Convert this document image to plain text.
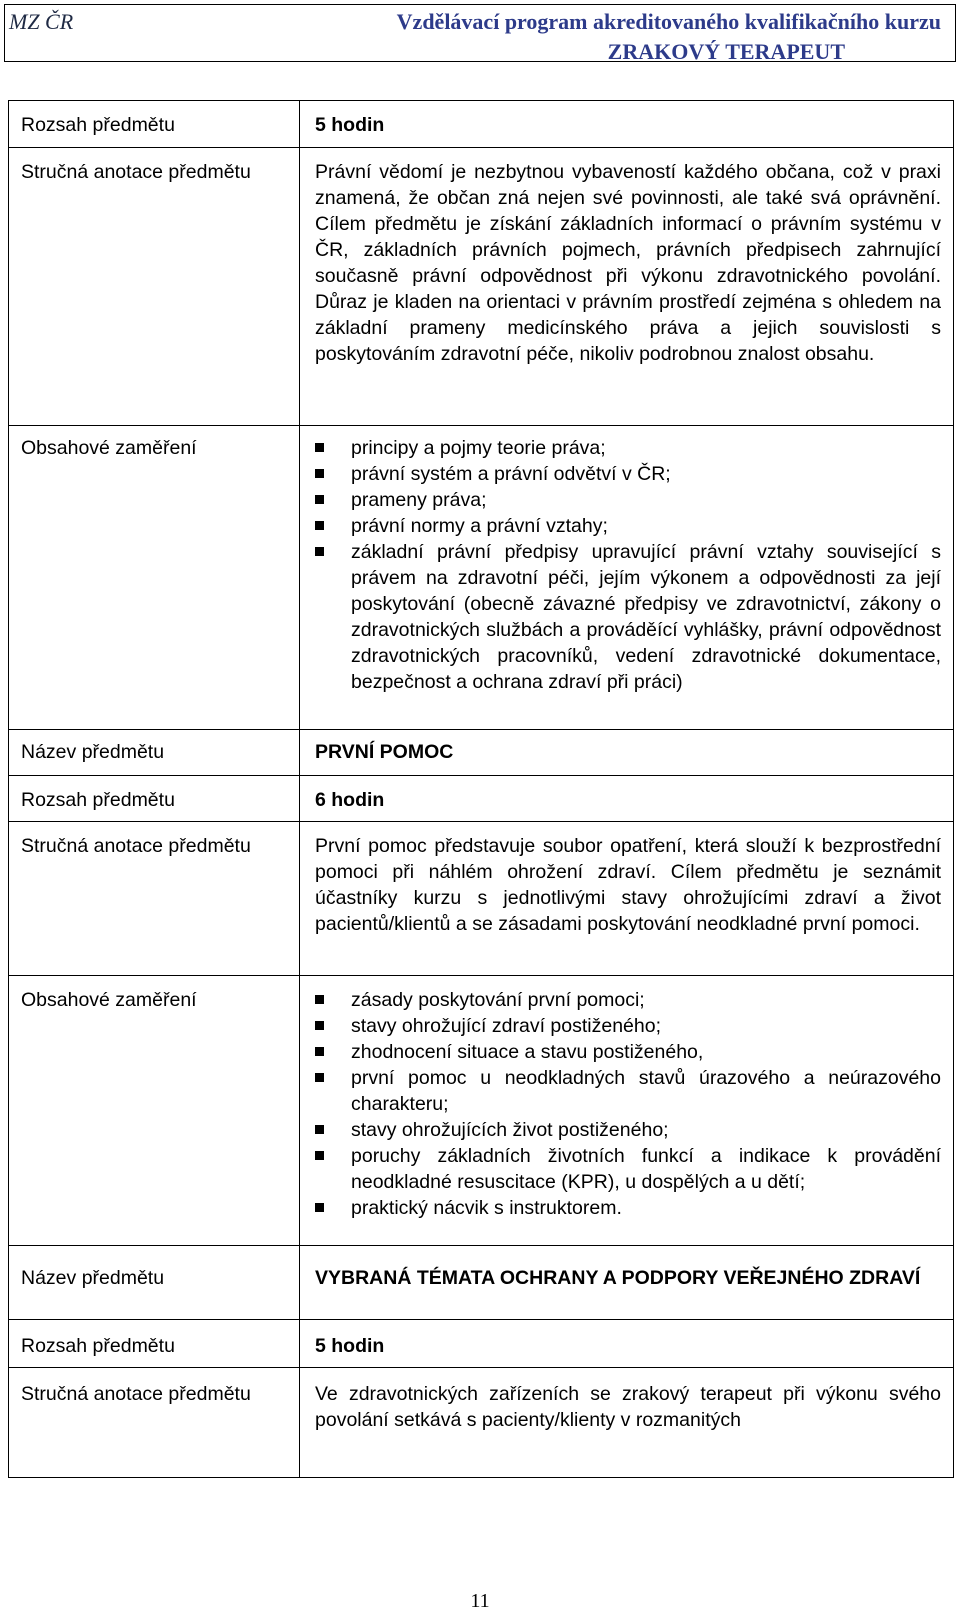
MZ ČR	Vzdělávací program akreditovaného kvalifikačního kurzu
ZRAKOVÝ TERAPEUT
Rozsah předmětu	5 hodin
Stručná anotace předmětu	Právní vědomí je nezbytnou vybaveností každého občana, což v praxi znamená, že občan zná nejen své povinnosti, ale také svá oprávnění. Cílem předmětu je získání základních informací o právním systému v ČR, základních právních pojmech, právních předpisech zahrnující současně právní odpovědnost při výkonu zdravotnického povolání. Důraz je kladen na orientaci v právním prostředí zejména s ohledem na základní prameny medicínského práva a jejich souvislosti s poskytováním zdravotní péče, nikoliv podrobnou znalost obsahu.
Obsahové zaměření	principy a pojmy teorie práva;
právní systém a právní odvětví v ČR;
prameny práva;
právní normy a právní vztahy;
základní právní předpisy upravující právní vztahy související s právem na zdravotní péči, jejím výkonem a odpovědnosti za její poskytování (obecně závazné předpisy ve zdravotnictví, zákony o zdravotnických službách a prováděící vyhlášky, právní odpovědnost zdravotnických pracovníků, vedení zdravotnické dokumentace, bezpečnost a ochrana zdraví při práci)
Název předmětu	PRVNÍ POMOC
Rozsah předmětu	6 hodin
Stručná anotace předmětu	První pomoc představuje soubor opatření, která slouží k bezprostřední pomoci při náhlém ohrožení zdraví. Cílem předmětu je seznámit účastníky kurzu s jednotlivými stavy ohrožujícími zdraví a život pacientů/klientů a se zásadami poskytování neodkladné první pomoci.
Obsahové zaměření	zásady poskytování první pomoci;
stavy ohrožující zdraví postiženého;
zhodnocení situace a stavu postiženého,
první pomoc u neodkladných stavů úrazového a neúrazového charakteru;
stavy ohrožujících život postiženého;
poruchy základních životních funkcí a indikace k provádění neodkladné resuscitace (KPR), u dospělých a u dětí;
praktický nácvik s instruktorem.
Název předmětu	VYBRANÁ TÉMATA OCHRANY A PODPORY VEŘEJNÉHO ZDRAVÍ
Rozsah předmětu	5 hodin
Stručná anotace předmětu	Ve zdravotnických zařízeních se zrakový terapeut při výkonu svého povolání setkává s pacienty/klienty v rozmanitých
11
